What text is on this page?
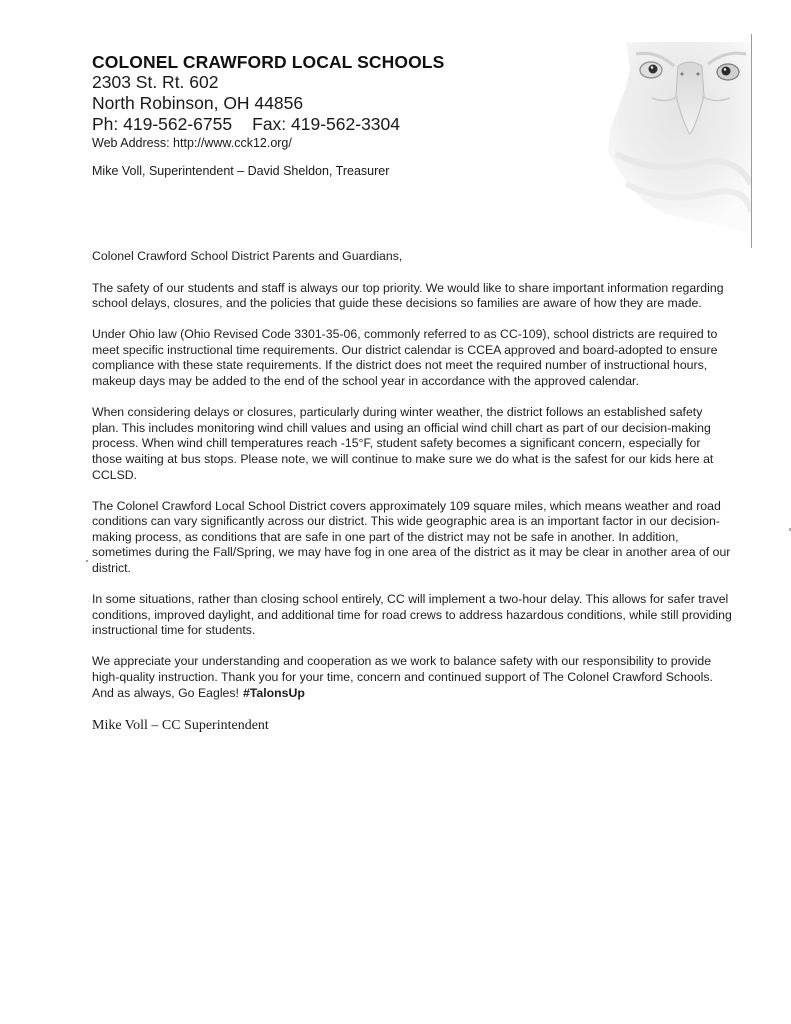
COLONEL CRAWFORD LOCAL SCHOOLS
2303 St. Rt. 602
North Robinson, OH 44856
Ph: 419-562-6755 Fax: 419-562-3304
Web Address: http://www.cck12.org/
Mike Voll, Superintendent – David Sheldon, Treasurer

Colonel Crawford School District Parents and Guardians,

The safety of our students and staff is always our top priority. We would like to share important information regarding school delays, closures, and the policies that guide these decisions so families are aware of how they are made.

Under Ohio law (Ohio Revised Code 3301-35-06, commonly referred to as CC-109), school districts are required to meet specific instructional time requirements. Our district calendar is CCEA approved and board-adopted to ensure compliance with these state requirements. If the district does not meet the required number of instructional hours, makeup days may be added to the end of the school year in accordance with the approved calendar.

When considering delays or closures, particularly during winter weather, the district follows an established safety plan. This includes monitoring wind chill values and using an official wind chill chart as part of our decision-making process. When wind chill temperatures reach -15°F, student safety becomes a significant concern, especially for those waiting at bus stops. Please note, we will continue to make sure we do what is the safest for our kids here at CCLSD.

The Colonel Crawford Local School District covers approximately 109 square miles, which means weather and road conditions can vary significantly across our district. This wide geographic area is an important factor in our decision-making process, as conditions that are safe in one part of the district may not be safe in another. In addition, sometimes during the Fall/Spring, we may have fog in one area of the district as it may be clear in another area of our district.

In some situations, rather than closing school entirely, CC will implement a two-hour delay. This allows for safer travel conditions, improved daylight, and additional time for road crews to address hazardous conditions, while still providing instructional time for students.

We appreciate your understanding and cooperation as we work to balance safety with our responsibility to provide high-quality instruction. Thank you for your time, concern and continued support of The Colonel Crawford Schools. And as always, Go Eagles! #TalonsUp

Mike Voll – CC Superintendent
